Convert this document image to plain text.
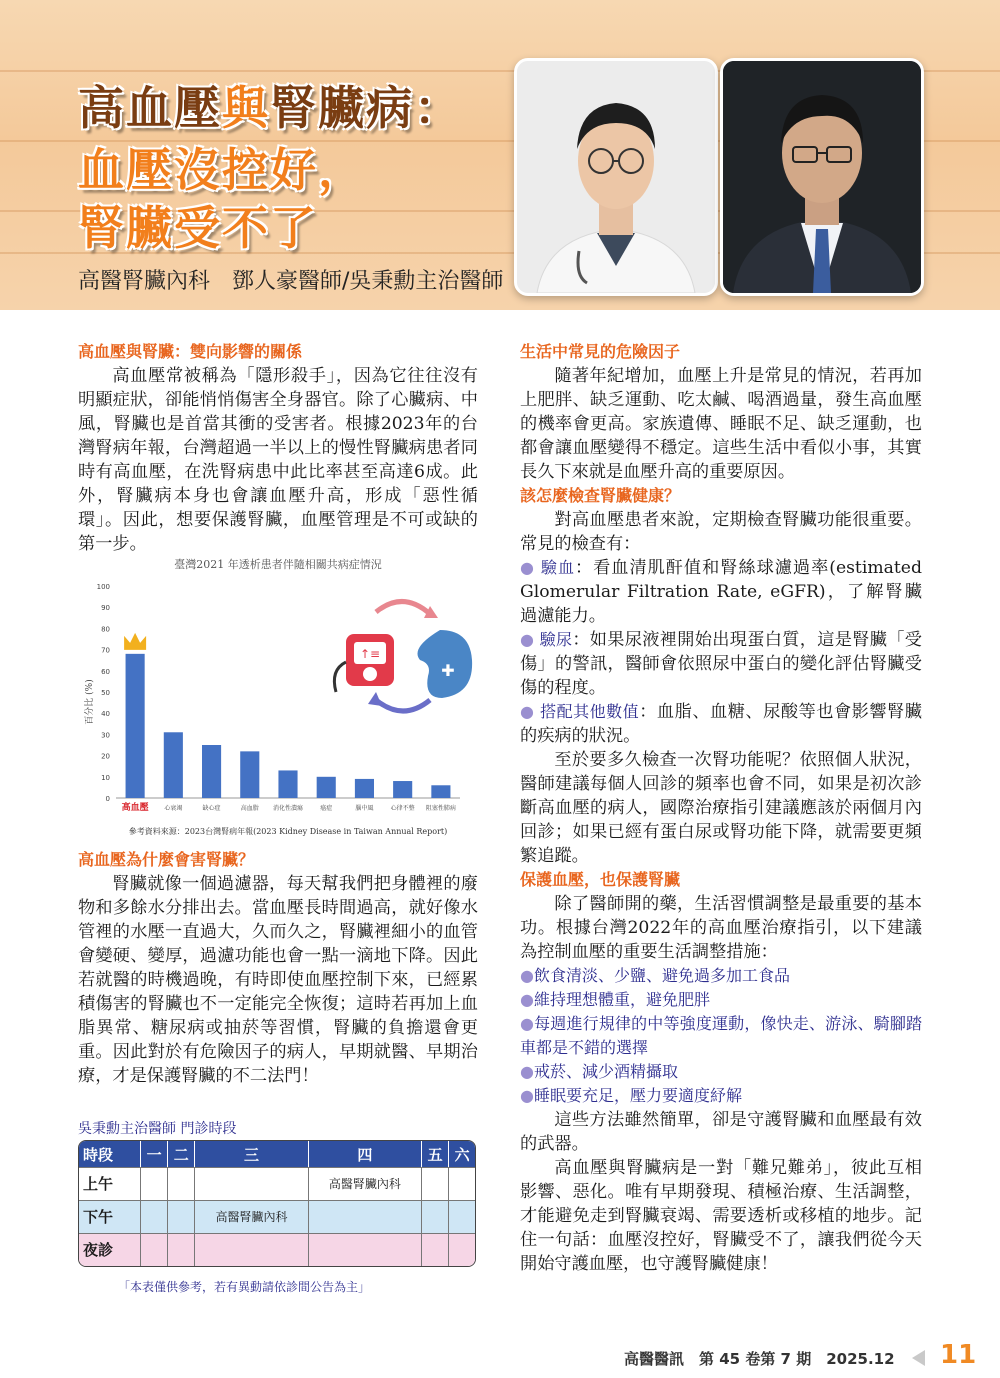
高血壓與腎臟病：
血壓沒控好，
腎臟受不了
高醫腎臟內科　鄧人豪醫師/吳秉勳主治醫師
高血壓與腎臟：雙向影響的關係

高血壓常被稱為「隱形殺手」，因為它往往沒有明顯症狀，卻能悄悄傷害全身器官。除了心臟病、中風，腎臟也是首當其衝的受害者。根據2023年的台灣腎病年報，台灣超過一半以上的慢性腎臟病患者同時有高血壓，在洗腎病患中此比率甚至高達6成。此外，腎臟病本身也會讓血壓升高，形成「惡性循環」。因此，想要保護腎臟，血壓管理是不可或缺的第一步。

臺灣2021 年透析患者伴隨相關共病症情況
百分比 (%)
0
10
20
30
40
50
60
70
80
90
100
高血壓	心衰竭	缺心症	高血脂 消化性潰瘍	癌症	腦中風	心律不整 阻塞性肺病
↑≡
✚
參考資料來源：2023台灣腎病年報(2023 Kidney Disease in Taiwan Annual Report)
高血壓為什麼會害腎臟？

腎臟就像一個過濾器，每天幫我們把身體裡的廢物和多餘水分排出去。當血壓長時間過高，就好像水管裡的水壓一直過大，久而久之，腎臟裡細小的血管會變硬、變厚，過濾功能也會一點一滴地下降。因此若就醫的時機過晚，有時即使血壓控制下來，已經累積傷害的腎臟也不一定能完全恢復；這時若再加上血脂異常、糖尿病或抽菸等習慣，腎臟的負擔還會更重。因此對於有危險因子的病人，早期就醫、早期治療，才是保護腎臟的不二法門！

吳秉勳主治醫師 門診時段
時段	一	二	三	四	五	六
上午				高醫腎臟內科		
下午			高醫腎臟內科			
夜診						
「本表僅供參考，若有異動請依診間公告為主」
生活中常見的危險因子

隨著年紀增加，血壓上升是常見的情況，若再加上肥胖、缺乏運動、吃太鹹、喝酒過量，發生高血壓的機率會更高。家族遺傳、睡眠不足、缺乏運動，也都會讓血壓變得不穩定。這些生活中看似小事，其實長久下來就是血壓升高的重要原因。

該怎麼檢查腎臟健康？

對高血壓患者來說，定期檢查腎臟功能很重要。常見的檢查有：

● 驗血：看血清肌酐值和腎絲球濾過率(estimated Glomerular Filtration Rate, eGFR)，了解腎臟過濾能力。
● 驗尿：如果尿液裡開始出現蛋白質，這是腎臟「受傷」的警訊，醫師會依照尿中蛋白的變化評估腎臟受傷的程度。
● 搭配其他數值：血脂、血糖、尿酸等也會影響腎臟的疾病的狀況。

至於要多久檢查一次腎功能呢？依照個人狀況，醫師建議每個人回診的頻率也會不同，如果是初次診斷高血壓的病人，國際治療指引建議應該於兩個月內回診；如果已經有蛋白尿或腎功能下降，就需要更頻繁追蹤。

保護血壓，也保護腎臟

除了醫師開的藥，生活習慣調整是最重要的基本功。根據台灣2022年的高血壓治療指引，以下建議為控制血壓的重要生活調整措施：

●飲食清淡、少鹽、避免過多加工食品
●維持理想體重，避免肥胖
●每週進行規律的中等強度運動，像快走、游泳、騎腳踏車都是不錯的選擇
●戒菸、減少酒精攝取
●睡眠要充足，壓力要適度紓解

這些方法雖然簡單，卻是守護腎臟和血壓最有效的武器。

高血壓與腎臟病是一對「難兄難弟」，彼此互相影響、惡化。唯有早期發現、積極治療、生活調整，才能避免走到腎臟衰竭、需要透析或移植的地步。記住一句話：血壓沒控好，腎臟受不了，讓我們從今天開始守護血壓，也守護腎臟健康！

高醫醫訊　第 45 卷第 7 期　2025.12 11
